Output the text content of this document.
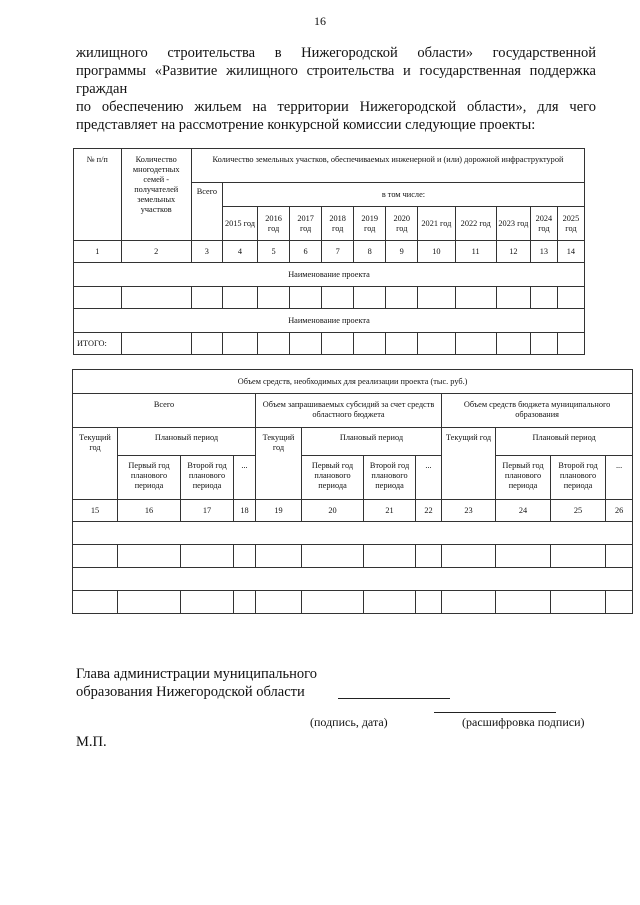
16
жилищного строительства в Нижегородской области» государственной
программы «Развитие жилищного строительства и государственная поддержка
граждан
по обеспечению жильем на территории Нижегородской области», для чего
представляет на рассмотрение конкурсной комиссии следующие проекты:
№ п/п	Количество многодетных семей - получателей земельных участков	Количество земельных участков, обеспечиваемых инженерной и (или) дорожной инфраструктурой											
		Всего	в том числе:										
			2015 год	2016 год	2017 год	2018 год	2019 год	2020 год	2021 год	2022 год	2023 год	2024 год	2025 год
1	2	3	4	5	6	7	8	9	10	11	12	13	14
Наименование проекта													

Наименование проекта													
ИТОГО:													
Объем средств, необходимых для реализации проекта (тыс. руб.)											
Всего				Объем запрашиваемых субсидий за счет средств областного бюджета				Объем средств бюджета муниципального образования			
Текущий год	Плановый период			Текущий год	Плановый период			Текущий год	Плановый период		
	Первый год планового периода	Второй год планового периода	...		Первый год планового периода	Второй год планового периода	...		Первый год планового периода	Второй год планового периода	...
15	16	17	18	19	20	21	22	23	24	25	26

Глава администрации муниципального
образования Нижегородской области
(подпись, дата)	(расшифровка подписи)
М.П.
